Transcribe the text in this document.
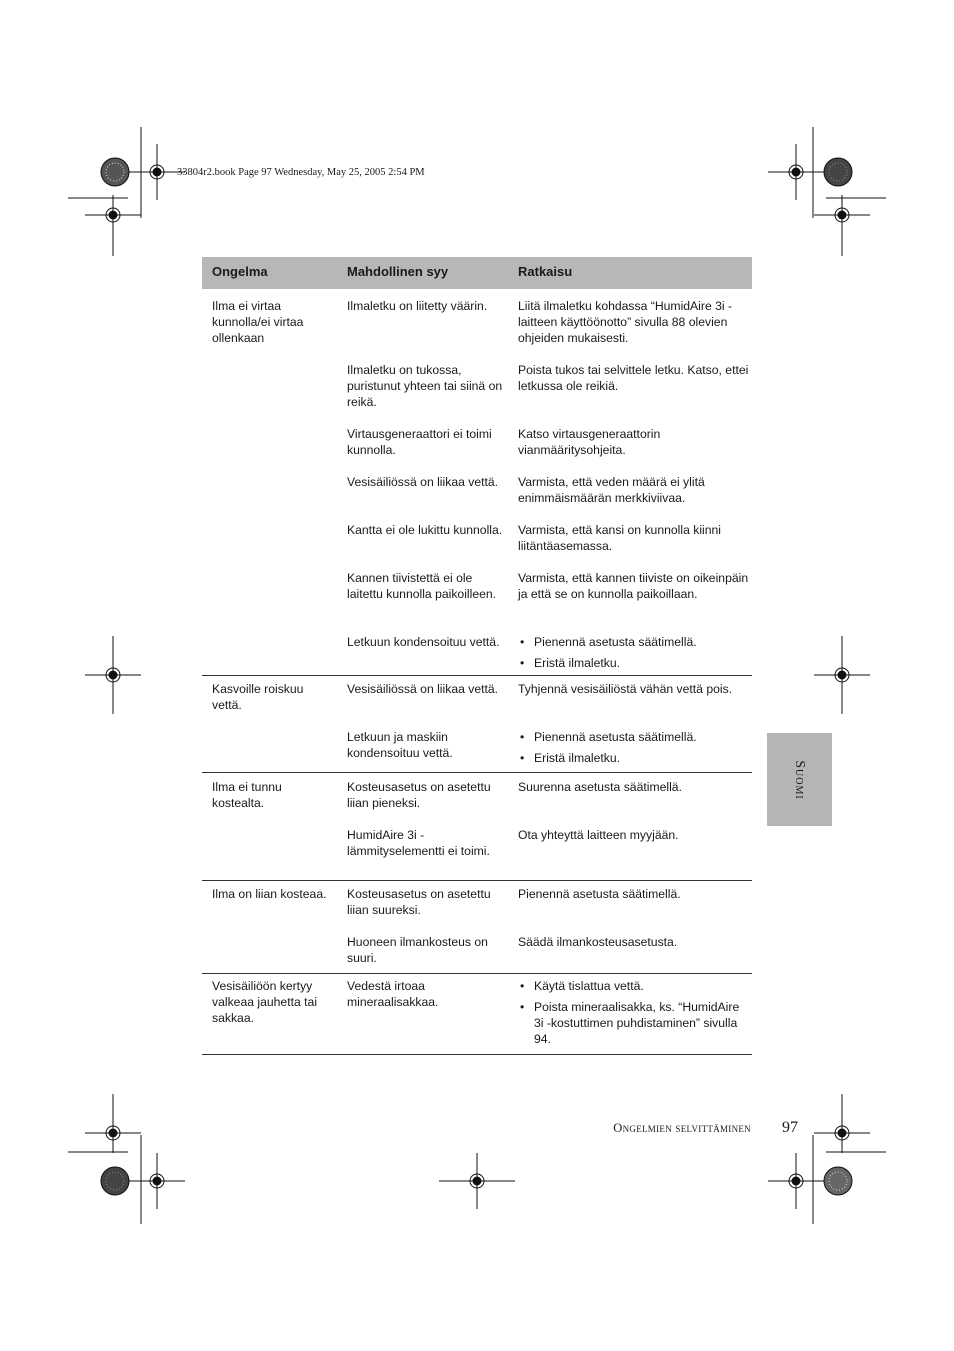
33804r2.book Page 97 Wednesday, May 25, 2005 2:54 PM
Ongelma	Mahdollinen syy	Ratkaisu
Ilma ei virtaa kunnolla/ei virtaa ollenkaan
Ilmaletku on liitetty väärin.	Liitä ilmaletku kohdassa “HumidAire 3i -laitteen käyttöönotto” sivulla 88 olevien ohjeiden mukaisesti.
Ilmaletku on tukossa, puristunut yhteen tai siinä on reikä.
Poista tukos tai selvittele letku. Katso, ettei letkussa ole reikiä.
Virtausgeneraattori ei toimi kunnolla.
Katso virtausgeneraattorin vianmääritysohjeita.
Vesisäiliössä on liikaa vettä.	Varmista, että veden määrä ei ylitä enimmäismäärän merkkiviivaa.
Kantta ei ole lukittu kunnolla.	Varmista, että kansi on kunnolla kiinni liitäntäasemassa.
Kannen tiivistettä ei ole laitettu kunnolla paikoilleen.
Varmista, että kannen tiiviste on oikeinpäin ja että se on kunnolla paikoillaan.
Letkuun kondensoituu vettä.
•	Pienennä asetusta säätimellä.
• Eristä ilmaletku.
Kasvoille roiskuu vettä.
Vesisäiliössä on liikaa vettä.	Tyhjennä vesisäiliöstä vähän vettä pois.
Letkuun ja maskiin kondensoituu vettä.
• Pienennä asetusta säätimellä.
• Eristä ilmaletku.
Ilma ei tunnu kostealta.
Kosteusasetus on asetettu liian pieneksi.
Suurenna asetusta säätimellä.
HumidAire 3i -lämmityselementti ei toimi.
Ota yhteyttä laitteen myyjään.
Ilma on liian kosteaa.	Kosteusasetus on asetettu liian suureksi.
Pienennä asetusta säätimellä.
Huoneen ilmankosteus on suuri.
Säädä ilmankosteusasetusta.
Vesisäiliöön kertyy valkeaa jauhetta tai sakkaa.
Vedestä irtoaa mineraalisakkaa.
• Käytä tislattua vettä.
• Poista mineraalisakka, ks. “HumidAire 3i -kostuttimen puhdistaminen” sivulla 94.
Suomi
Ongelmien selvittäminen 97
